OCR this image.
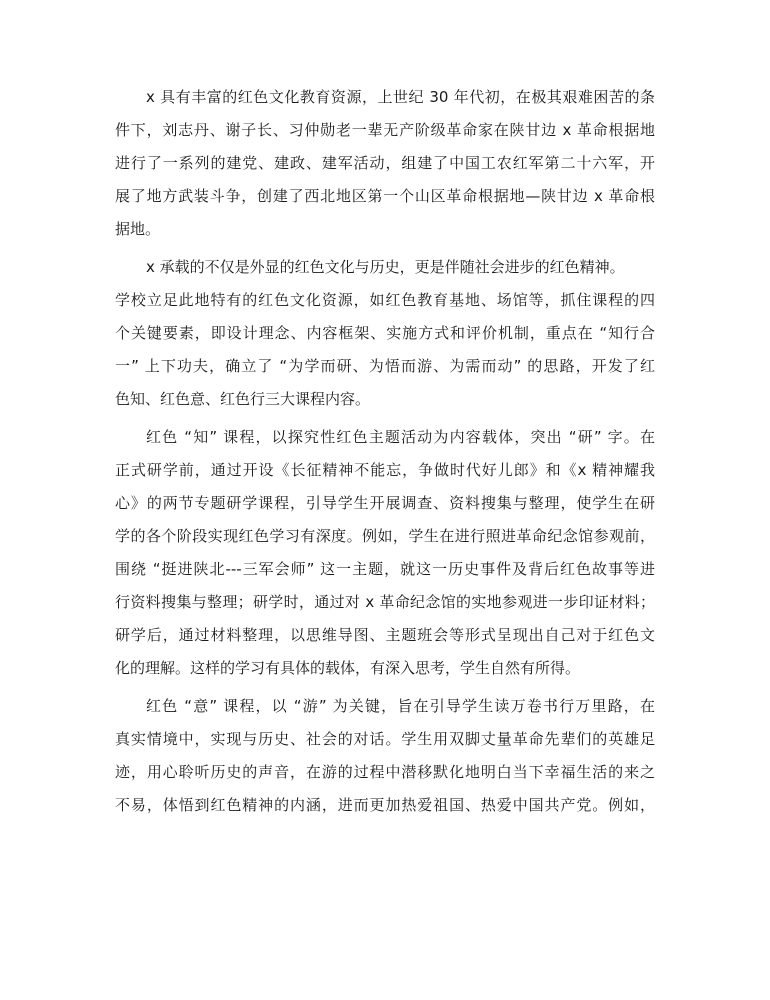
x 具有丰富的红色文化教育资源，上世纪 30 年代初，在极其艰难困苦的条
件下，刘志丹、谢子长、习仲勋老一辈无产阶级革命家在陕甘边 x 革命根据地
进行了一系列的建党、建政、建军活动，组建了中国工农红军第二十六军，开
展了地方武装斗争，创建了西北地区第一个山区革命根据地—陕甘边 x 革命根
据地。
x 承载的不仅是外显的红色文化与历史，更是伴随社会进步的红色精神。
学校立足此地特有的红色文化资源，如红色教育基地、场馆等，抓住课程的四
个关键要素，即设计理念、内容框架、实施方式和评价机制，重点在 “知行合
一” 上下功夫，确立了 “为学而研、为悟而游、为需而动” 的思路，开发了红
色知、红色意、红色行三大课程内容。
红色 “知” 课程，以探究性红色主题活动为内容载体，突出 “研” 字。在
正式研学前，通过开设《长征精神不能忘，争做时代好儿郎》和《x 精神耀我
心》的两节专题研学课程，引导学生开展调查、资料搜集与整理，使学生在研
学的各个阶段实现红色学习有深度。例如，学生在进行照进革命纪念馆参观前，
围绕 “挺进陕北---三军会师” 这一主题，就这一历史事件及背后红色故事等进
行资料搜集与整理；研学时，通过对 x 革命纪念馆的实地参观进一步印证材料；
研学后，通过材料整理，以思维导图、主题班会等形式呈现出自己对于红色文
化的理解。这样的学习有具体的载体，有深入思考，学生自然有所得。
红色 “意” 课程，以 “游” 为关键，旨在引导学生读万卷书行万里路，在
真实情境中，实现与历史、社会的对话。学生用双脚丈量革命先辈们的英雄足
迹，用心聆听历史的声音，在游的过程中潜移默化地明白当下幸福生活的来之
不易，体悟到红色精神的内涵，进而更加热爱祖国、热爱中国共产党。例如，
